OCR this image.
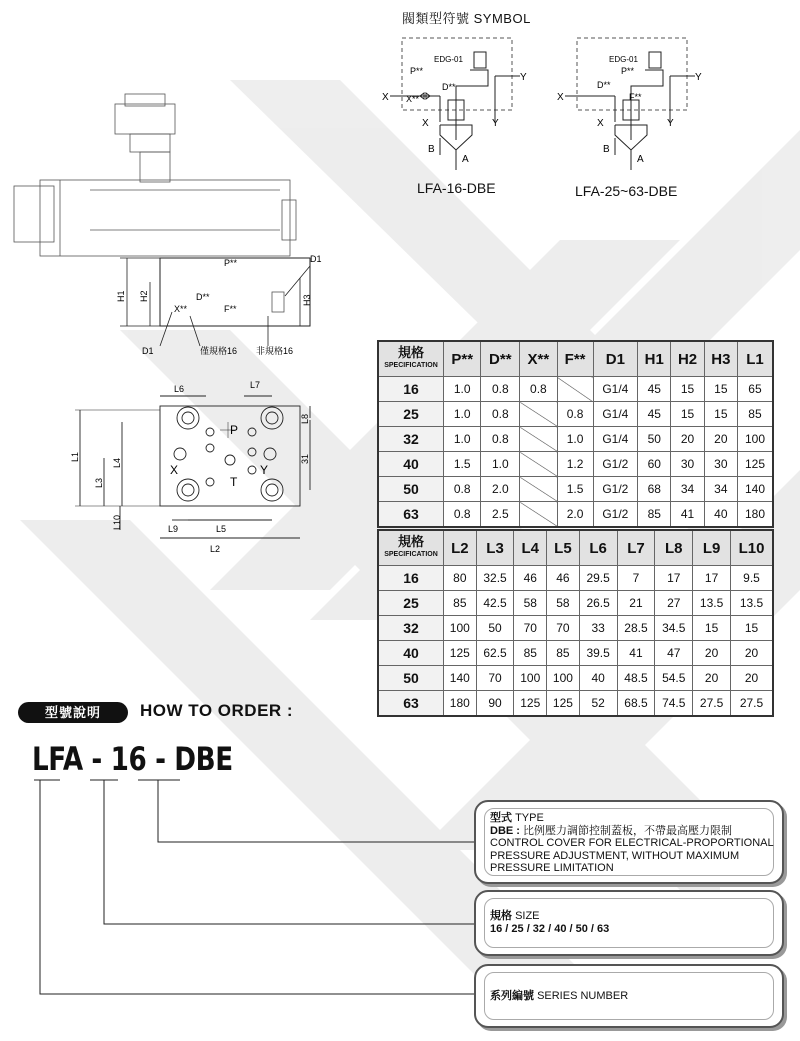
閥類型符號 SYMBOL
EDG-01
P**
D**
X**
X
Y
X	Y
B
A
LFA-16-DBE
EDG-01
P**
D**
F**
X
Y
X	Y
B
A
LFA-25~63-DBE
P**
D**
X**	F**
D1
D1	僅規格16 非規格16
H1 H2	H3
L6	L7
L2
L9	L5
L1
L4
L3
L10
L8
31
P
T
X	Y
規格
SPECIFICATION	P**	D**	X**	F**	D1	H1	H2	H3	L1
16	1.0	0.8	0.8		G1/4	45	15	15	65
25	1.0	0.8		0.8	G1/4	45	15	15	85
32	1.0	0.8		1.0	G1/4	50	20	20	100
40	1.5	1.0		1.2	G1/2	60	30	30	125
50	0.8	2.0		1.5	G1/2	68	34	34	140
63	0.8	2.5		2.0	G1/2	85	41	40	180
規格
SPECIFICATION	L2	L3	L4	L5	L6	L7	L8	L9	L10
16	80	32.5	46	46	29.5	7	17	17	9.5
25	85	42.5	58	58	26.5	21	27	13.5	13.5
32	100	50	70	70	33	28.5	34.5	15	15
40	125	62.5	85	85	39.5	41	47	20	20
50	140	70	100	100	40	48.5	54.5	20	20
63	180	90	125	125	52	68.5	74.5	27.5	27.5
型號說明	HOW TO ORDER :
LFA - 16 - DBE
型式 TYPE
DBE : 比例壓力調節控制蓋板，不帶最高壓力限制
CONTROL COVER FOR ELECTRICAL-PROPORTIONAL
PRESSURE ADJUSTMENT, WITHOUT MAXIMUM
PRESSURE LIMITATION
規格 SIZE
16 / 25 / 32 / 40 / 50 / 63
系列編號 SERIES NUMBER
